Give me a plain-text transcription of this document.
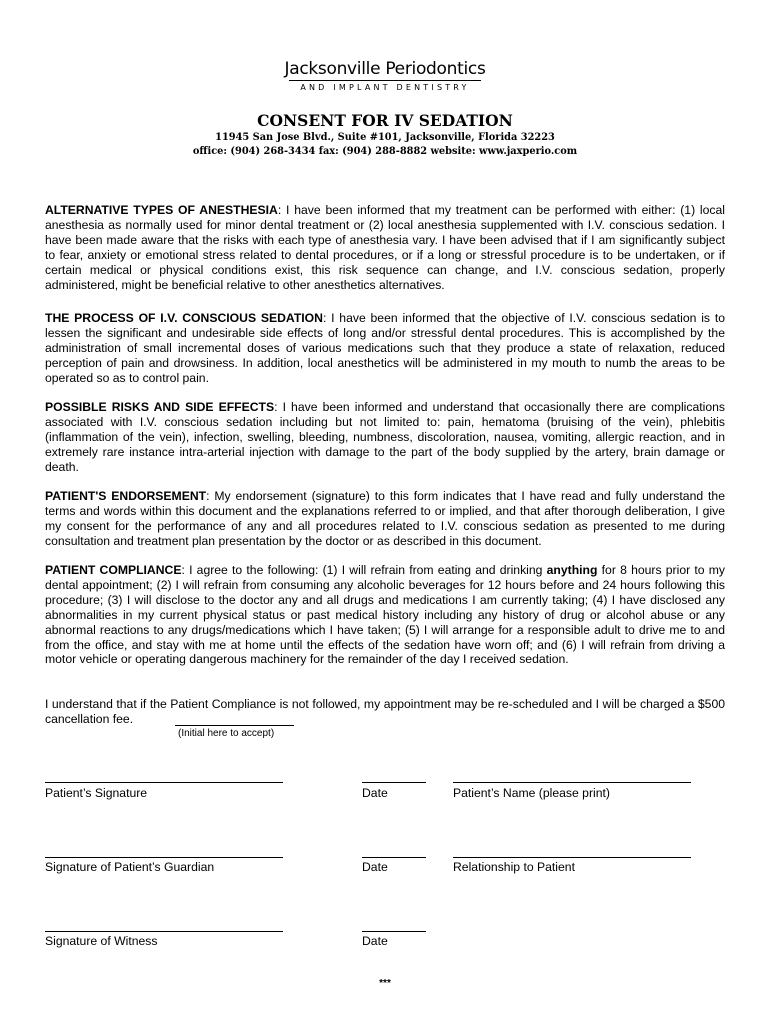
Jacksonville Periodontics
AND IMPLANT DENTISTRY
CONSENT FOR IV SEDATION
11945 San Jose Blvd., Suite #101, Jacksonville, Florida 32223
office: (904) 268-3434 fax: (904) 288-8882 website: www.jaxperio.com

ALTERNATIVE TYPES OF ANESTHESIA: I have been informed that my treatment can be performed with either: (1) local anesthesia as normally used for minor dental treatment or (2) local anesthesia supplemented with I.V. conscious sedation. I have been made aware that the risks with each type of anesthesia vary. I have been advised that if I am significantly subject to fear, anxiety or emotional stress related to dental procedures, or if a long or stressful procedure is to be undertaken, or if certain medical or physical conditions exist, this risk sequence can change, and I.V. conscious sedation, properly administered, might be beneficial relative to other anesthetics alternatives.

THE PROCESS OF I.V. CONSCIOUS SEDATION: I have been informed that the objective of I.V. conscious sedation is to lessen the significant and undesirable side effects of long and/or stressful dental procedures. This is accomplished by the administration of small incremental doses of various medications such that they produce a state of relaxation, reduced perception of pain and drowsiness. In addition, local anesthetics will be administered in my mouth to numb the areas to be operated so as to control pain.

POSSIBLE RISKS AND SIDE EFFECTS: I have been informed and understand that occasionally there are complications associated with I.V. conscious sedation including but not limited to: pain, hematoma (bruising of the vein), phlebitis (inflammation of the vein), infection, swelling, bleeding, numbness, discoloration, nausea, vomiting, allergic reaction, and in extremely rare instance intra-arterial injection with damage to the part of the body supplied by the artery, brain damage or death.

PATIENT'S ENDORSEMENT: My endorsement (signature) to this form indicates that I have read and fully understand the terms and words within this document and the explanations referred to or implied, and that after thorough deliberation, I give my consent for the performance of any and all procedures related to I.V. conscious sedation as presented to me during consultation and treatment plan presentation by the doctor or as described in this document.

PATIENT COMPLIANCE: I agree to the following: (1) I will refrain from eating and drinking anything for 8 hours prior to my dental appointment; (2) I will refrain from consuming any alcoholic beverages for 12 hours before and 24 hours following this procedure; (3) I will disclose to the doctor any and all drugs and medications I am currently taking; (4) I have disclosed any abnormalities in my current physical status or past medical history including any history of drug or alcohol abuse or any abnormal reactions to any drugs/medications which I have taken; (5) I will arrange for a responsible adult to drive me to and from the office, and stay with me at home until the effects of the sedation have worn off; and (6) I will refrain from driving a motor vehicle or operating dangerous machinery for the remainder of the day I received sedation.

I understand that if the Patient Compliance is not followed, my appointment may be re-scheduled and I will be charged a $500 cancellation fee.

(Initial here to accept)
Patient’s Signature	Date	Patient’s Name (please print)
Signature of Patient’s Guardian	Date	Relationship to Patient
Signature of Witness	Date
***
